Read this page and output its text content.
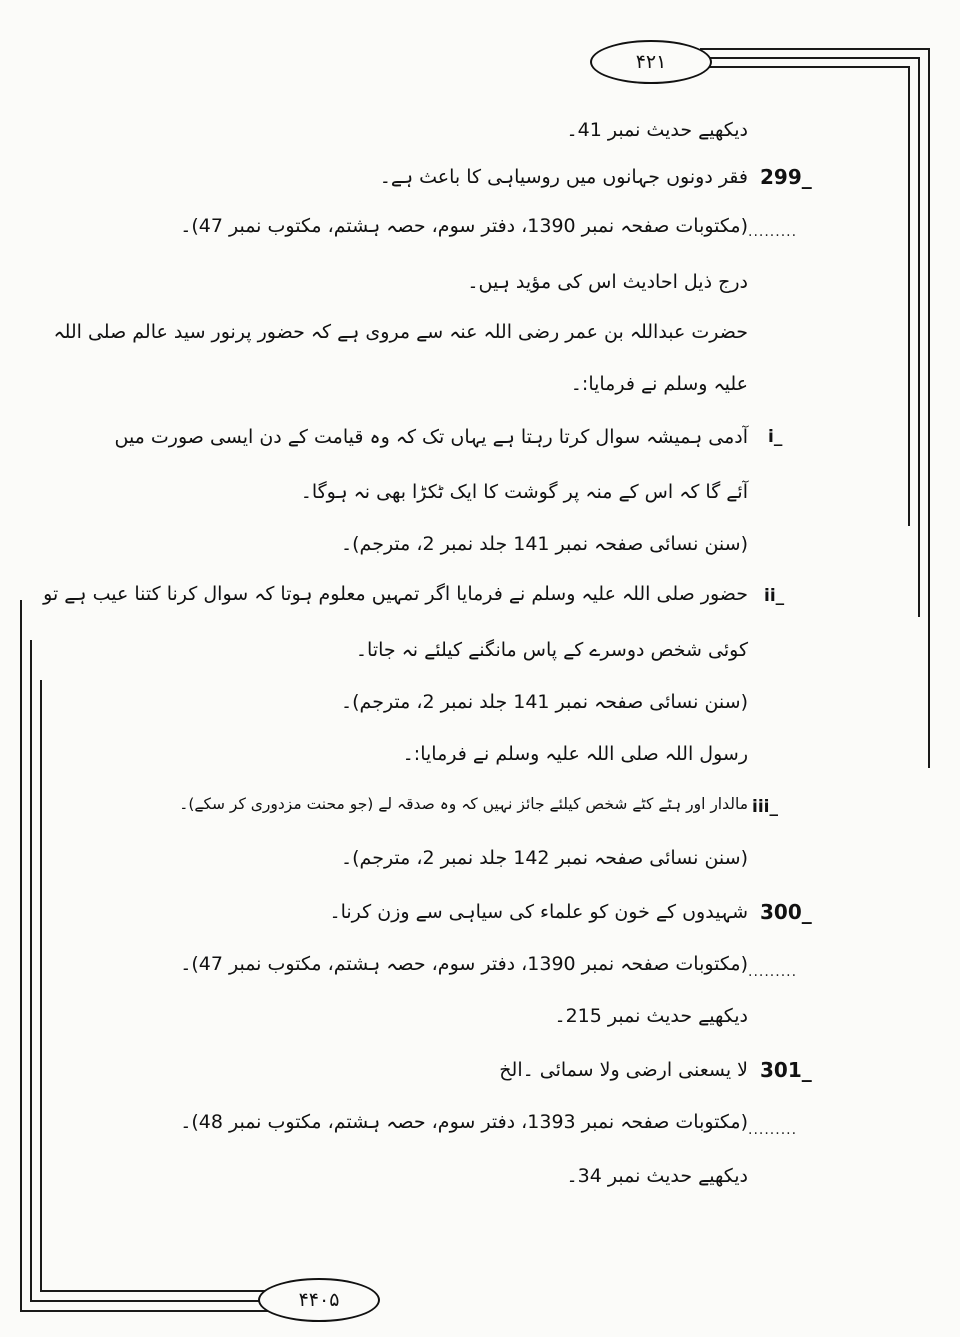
۴۲۱
۴۴۰۵
دیکھیے حدیث نمبر 41۔
299_
فقر دونوں جہانوں میں روسیاہی کا باعث ہے۔
.........
(مکتوبات صفحہ نمبر 1390، دفتر سوم، حصہ ہشتم، مکتوب نمبر 47)۔
درج ذیل احادیث اس کی مؤید ہیں۔
حضرت عبداللہ بن عمر رضی اللہ عنہ سے مروی ہے کہ حضور پرنور سید عالم صلی اللہ
علیہ وسلم نے فرمایا:۔
i_
آدمی ہمیشہ سوال کرتا رہتا ہے یہاں تک کہ وہ قیامت کے دن ایسی صورت میں
آئے گا کہ اس کے منہ پر گوشت کا ایک ٹکڑا بھی نہ ہوگا۔
(سنن نسائی صفحہ نمبر 141 جلد نمبر 2، مترجم)۔
ii_
حضور صلی اللہ علیہ وسلم نے فرمایا اگر تمہیں معلوم ہوتا کہ سوال کرنا کتنا عیب ہے تو
کوئی شخص دوسرے کے پاس مانگنے کیلئے نہ جاتا۔
(سنن نسائی صفحہ نمبر 141 جلد نمبر 2، مترجم)۔
رسول اللہ صلی اللہ علیہ وسلم نے فرمایا:۔
iii_
مالدار اور ہٹے کٹے شخص کیلئے جائز نہیں کہ وہ صدقہ لے (جو محنت مزدوری کر سکے)۔
(سنن نسائی صفحہ نمبر 142 جلد نمبر 2، مترجم)۔
300_
شہیدوں کے خون کو علماء کی سیاہی سے وزن کرنا۔
.........
(مکتوبات صفحہ نمبر 1390، دفتر سوم، حصہ ہشتم، مکتوب نمبر 47)۔
دیکھیے حدیث نمبر 215۔
301_
لا یسعنی ارضی ولا سمائی ۔الخ
.........
(مکتوبات صفحہ نمبر 1393، دفتر سوم، حصہ ہشتم، مکتوب نمبر 48)۔
دیکھیے حدیث نمبر 34۔
